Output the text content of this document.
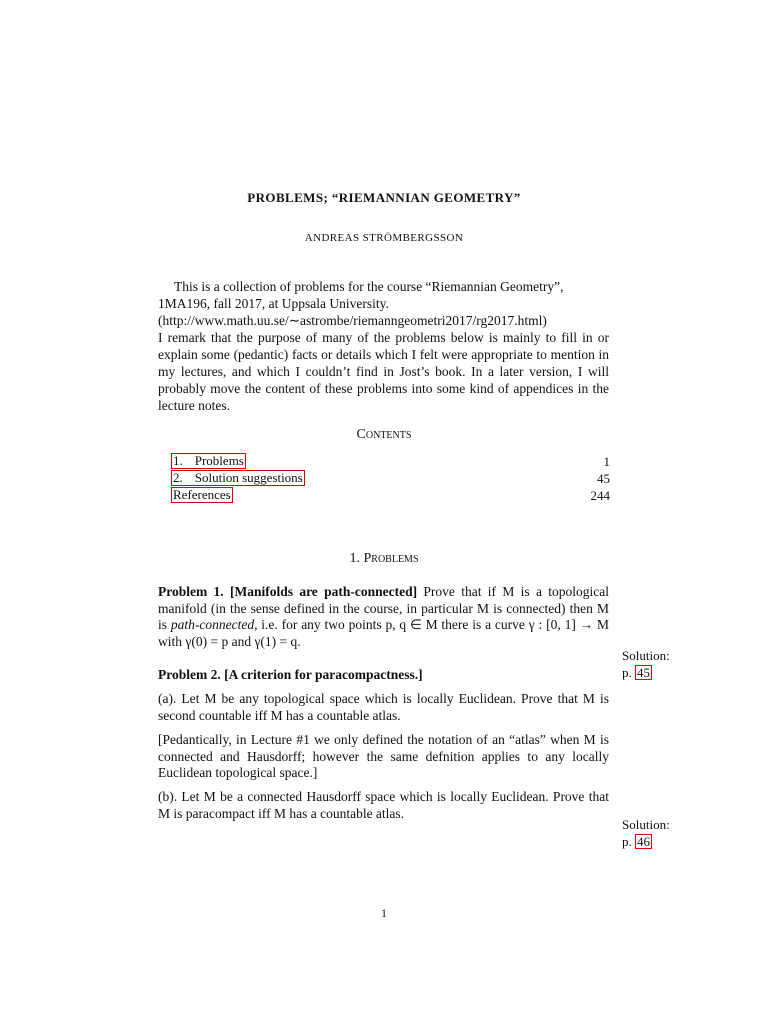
PROBLEMS; “RIEMANNIAN GEOMETRY”
ANDREAS STRÖMBERGSSON
This is a collection of problems for the course “Riemannian Geometry”,
1MA196, fall 2017, at Uppsala University.
(http://www.math.uu.se/∼astrombe/riemanngeometri2017/rg2017.html)
I remark that the purpose of many of the problems below is mainly to fill in or explain some (pedantic) facts or details which I felt were appropriate to mention in my lectures, and which I couldn’t find in Jost’s book. In a later version, I will probably move the content of these problems into some kind of appendices in the lecture notes.
Contents
1. Problems	1
2. Solution suggestions	45
References	244
1. Problems
Problem 1. [Manifolds are path-connected] Prove that if M is a topological manifold (in the sense defined in the course, in particular M is connected) then M is path-connected, i.e. for any two points p, q ∈ M there is a curve γ : [0, 1] → M with γ(0) = p and γ(1) = q.
Problem 2. [A criterion for paracompactness.]
(a). Let M be any topological space which is locally Euclidean. Prove that M is second countable iff M has a countable atlas.
[Pedantically, in Lecture #1 we only defined the notation of an “atlas” when M is connected and Hausdorff; however the same defnition applies to any locally Euclidean topological space.]
(b). Let M be a connected Hausdorff space which is locally Euclidean. Prove that M is paracompact iff M has a countable atlas.
Solution:
p. 45
Solution:
p. 46
1
